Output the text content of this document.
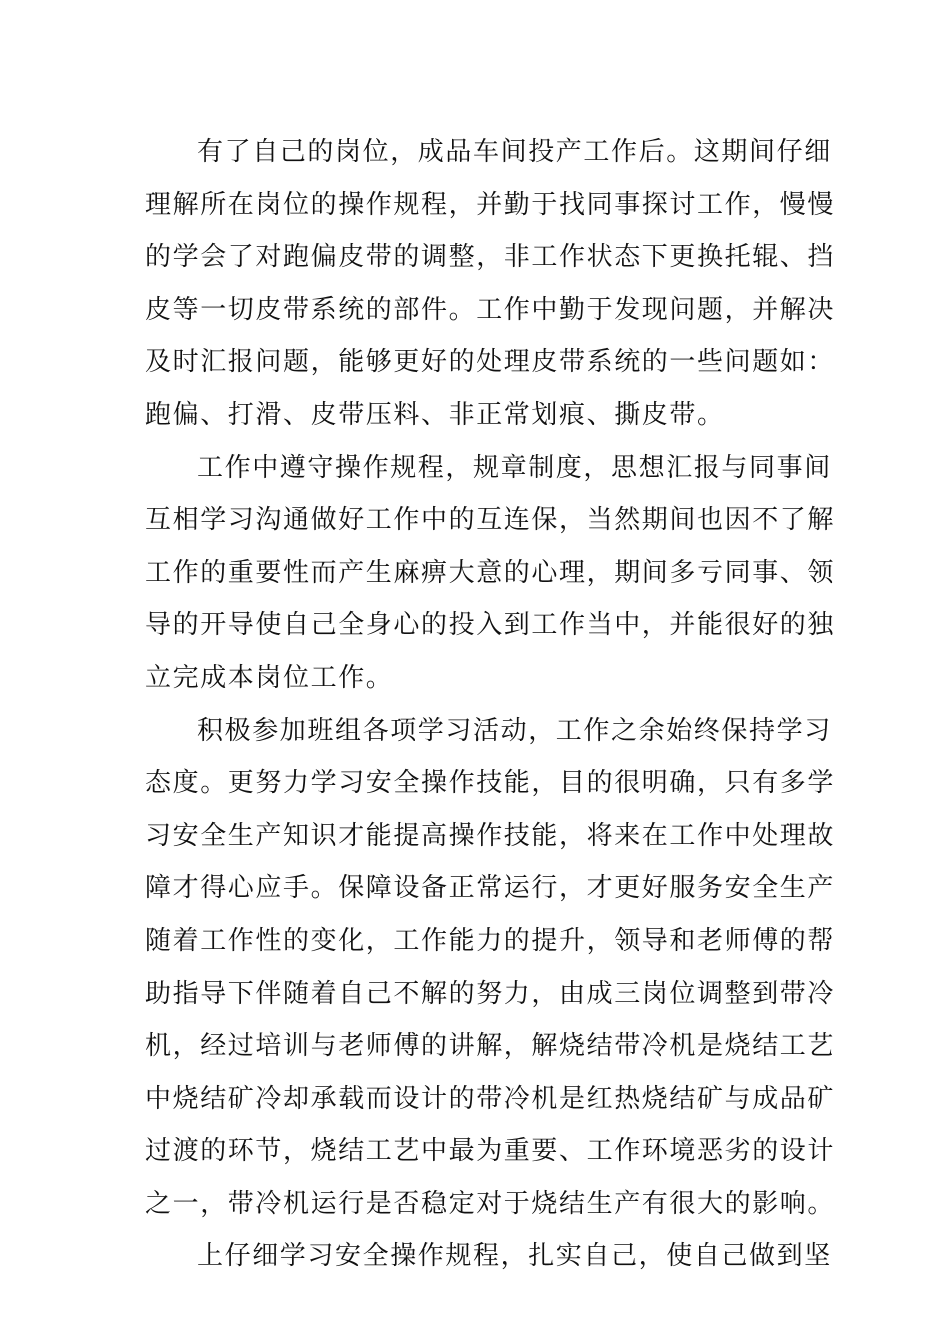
有了自己的岗位，成品车间投产工作后。这期间仔细
理解所在岗位的操作规程，并勤于找同事探讨工作，慢慢
的学会了对跑偏皮带的调整，非工作状态下更换托辊、挡
皮等一切皮带系统的部件。工作中勤于发现问题，并解决
及时汇报问题，能够更好的处理皮带系统的一些问题如：
跑偏、打滑、皮带压料、非正常划痕、撕皮带。
工作中遵守操作规程，规章制度，思想汇报与同事间
互相学习沟通做好工作中的互连保，当然期间也因不了解
工作的重要性而产生麻痹大意的心理，期间多亏同事、领
导的开导使自己全身心的投入到工作当中，并能很好的独
立完成本岗位工作。
积极参加班组各项学习活动，工作之余始终保持学习
态度。更努力学习安全操作技能，目的很明确，只有多学
习安全生产知识才能提高操作技能，将来在工作中处理故
障才得心应手。保障设备正常运行，才更好服务安全生产
随着工作性的变化，工作能力的提升，领导和老师傅的帮
助指导下伴随着自己不解的努力，由成三岗位调整到带冷
机，经过培训与老师傅的讲解，解烧结带冷机是烧结工艺
中烧结矿冷却承载而设计的带冷机是红热烧结矿与成品矿
过渡的环节，烧结工艺中最为重要、工作环境恶劣的设计
之一，带冷机运行是否稳定对于烧结生产有很大的影响。
上仔细学习安全操作规程，扎实自己，使自己做到坚
